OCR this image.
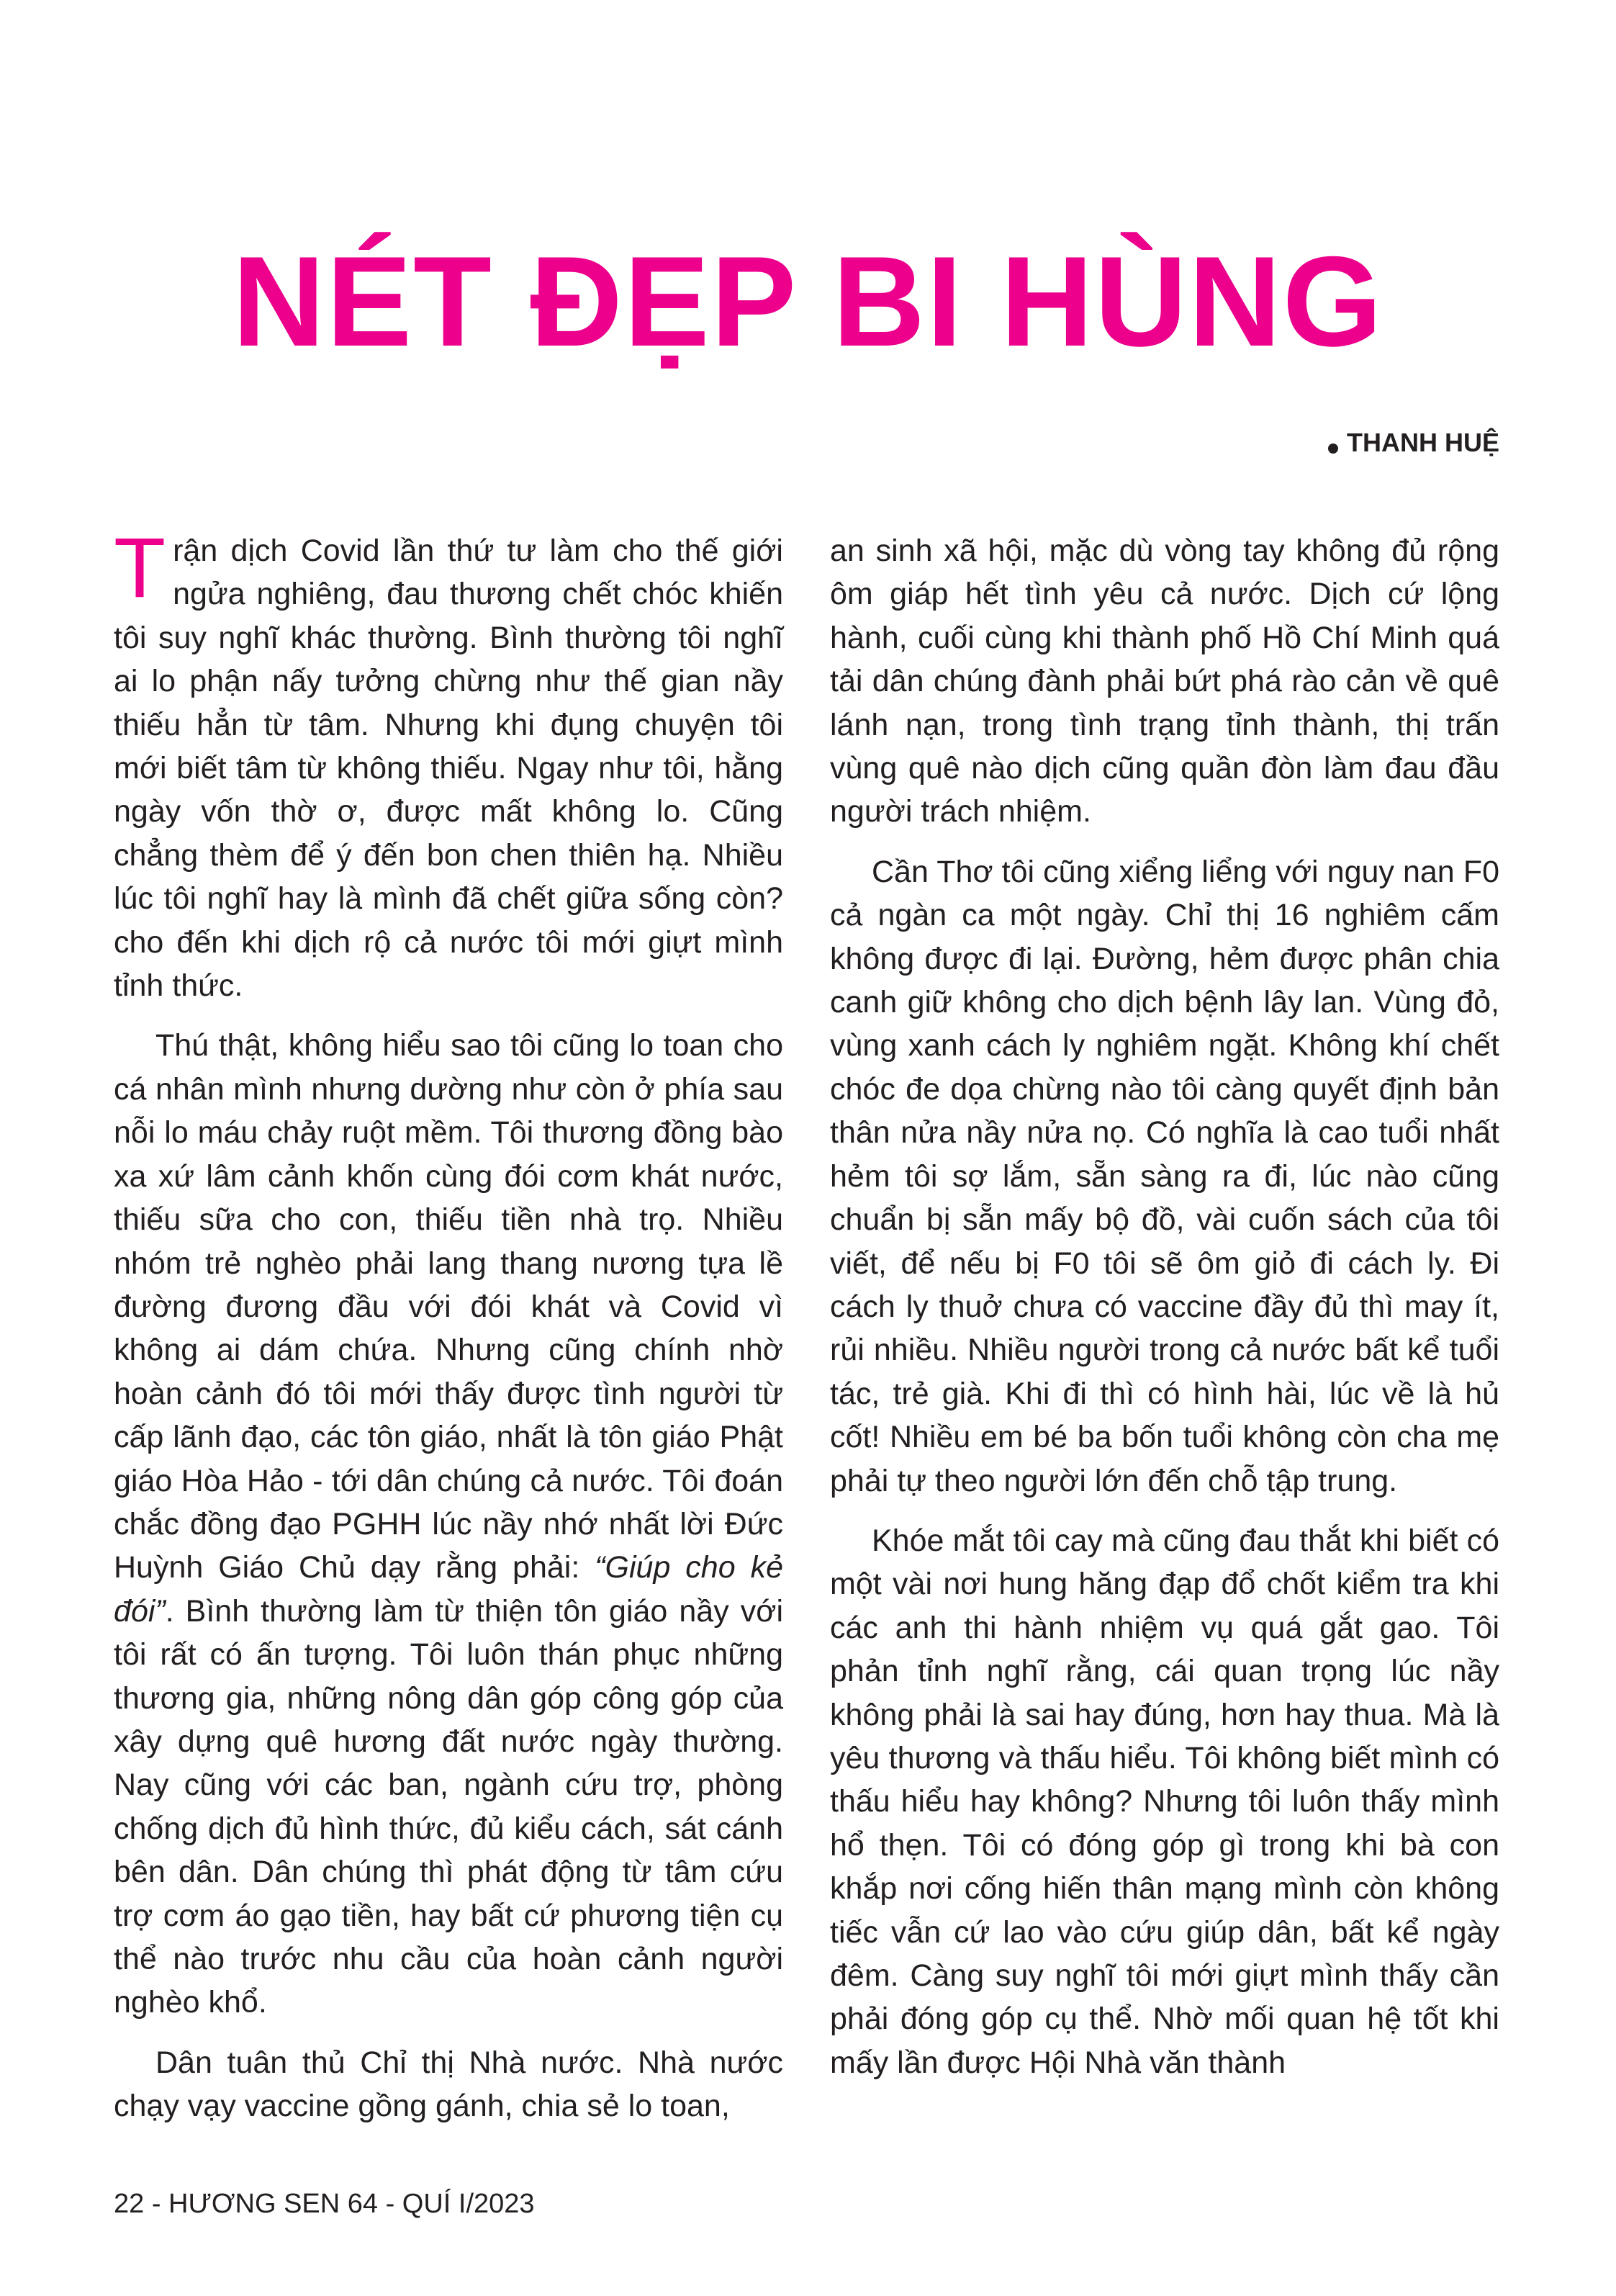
NÉT ĐẸP BI HÙNG
THANH HUỆ

Trận dịch Covid lần thứ tư làm cho thế giới ngửa nghiêng, đau thương chết chóc khiến tôi suy nghĩ khác thường. Bình thường tôi nghĩ ai lo phận nấy tưởng chừng như thế gian nầy thiếu hẳn từ tâm. Nhưng khi đụng chuyện tôi mới biết tâm từ không thiếu. Ngay như tôi, hằng ngày vốn thờ ơ, được mất không lo. Cũng chẳng thèm để ý đến bon chen thiên hạ. Nhiều lúc tôi nghĩ hay là mình đã chết giữa sống còn? cho đến khi dịch rộ cả nước tôi mới giựt mình tỉnh thức.

Thú thật, không hiểu sao tôi cũng lo toan cho cá nhân mình nhưng dường như còn ở phía sau nỗi lo máu chảy ruột mềm. Tôi thương đồng bào xa xứ lâm cảnh khốn cùng đói cơm khát nước, thiếu sữa cho con, thiếu tiền nhà trọ. Nhiều nhóm trẻ nghèo phải lang thang nương tựa lề đường đương đầu với đói khát và Covid vì không ai dám chứa. Nhưng cũng chính nhờ hoàn cảnh đó tôi mới thấy được tình người từ cấp lãnh đạo, các tôn giáo, nhất là tôn giáo Phật giáo Hòa Hảo - tới dân chúng cả nước. Tôi đoán chắc đồng đạo PGHH lúc nầy nhớ nhất lời Đức Huỳnh Giáo Chủ dạy rằng phải: “Giúp cho kẻ đói”. Bình thường làm từ thiện tôn giáo nầy với tôi rất có ấn tượng. Tôi luôn thán phục những thương gia, những nông dân góp công góp của xây dựng quê hương đất nước ngày thường. Nay cũng với các ban, ngành cứu trợ, phòng chống dịch đủ hình thức, đủ kiểu cách, sát cánh bên dân. Dân chúng thì phát động từ tâm cứu trợ cơm áo gạo tiền, hay bất cứ phương tiện cụ thể nào trước nhu cầu của hoàn cảnh người nghèo khổ.

Dân tuân thủ Chỉ thị Nhà nước. Nhà nước chạy vạy vaccine gồng gánh, chia sẻ lo toan,

an sinh xã hội, mặc dù vòng tay không đủ rộng ôm giáp hết tình yêu cả nước. Dịch cứ lộng hành, cuối cùng khi thành phố Hồ Chí Minh quá tải dân chúng đành phải bứt phá rào cản về quê lánh nạn, trong tình trạng tỉnh thành, thị trấn vùng quê nào dịch cũng quần đòn làm đau đầu người trách nhiệm.

Cần Thơ tôi cũng xiểng liểng với nguy nan F0 cả ngàn ca một ngày. Chỉ thị 16 nghiêm cấm không được đi lại. Đường, hẻm được phân chia canh giữ không cho dịch bệnh lây lan. Vùng đỏ, vùng xanh cách ly nghiêm ngặt. Không khí chết chóc đe dọa chừng nào tôi càng quyết định bản thân nửa nầy nửa nọ. Có nghĩa là cao tuổi nhất hẻm tôi sợ lắm, sẵn sàng ra đi, lúc nào cũng chuẩn bị sẵn mấy bộ đồ, vài cuốn sách của tôi viết, để nếu bị F0 tôi sẽ ôm giỏ đi cách ly. Đi cách ly thuở chưa có vaccine đầy đủ thì may ít, rủi nhiều. Nhiều người trong cả nước bất kể tuổi tác, trẻ già. Khi đi thì có hình hài, lúc về là hủ cốt! Nhiều em bé ba bốn tuổi không còn cha mẹ phải tự theo người lớn đến chỗ tập trung.

Khóe mắt tôi cay mà cũng đau thắt khi biết có một vài nơi hung hăng đạp đổ chốt kiểm tra khi các anh thi hành nhiệm vụ quá gắt gao. Tôi phản tỉnh nghĩ rằng, cái quan trọng lúc nầy không phải là sai hay đúng, hơn hay thua. Mà là yêu thương và thấu hiểu. Tôi không biết mình có thấu hiểu hay không? Nhưng tôi luôn thấy mình hổ thẹn. Tôi có đóng góp gì trong khi bà con khắp nơi cống hiến thân mạng mình còn không tiếc vẫn cứ lao vào cứu giúp dân, bất kể ngày đêm. Càng suy nghĩ tôi mới giựt mình thấy cần phải đóng góp cụ thể. Nhờ mối quan hệ tốt khi mấy lần được Hội Nhà văn thành

22 - HƯƠNG SEN 64 - QUÍ I/2023
